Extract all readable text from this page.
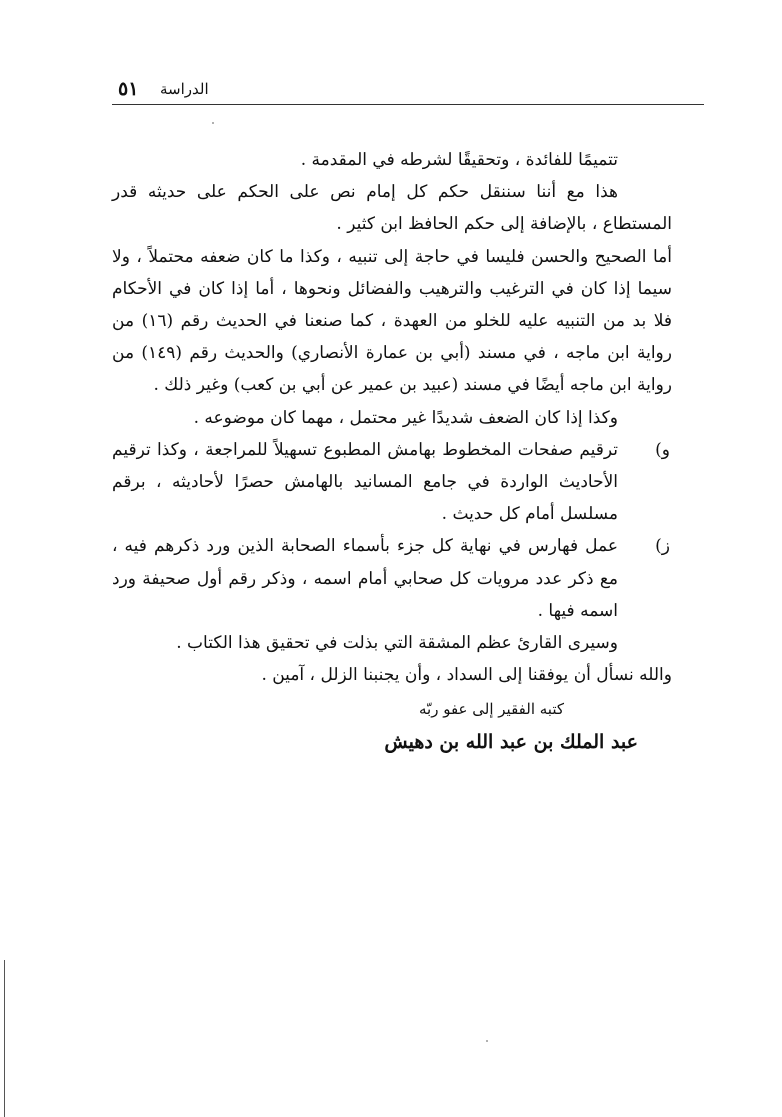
٥١ الدراسة

تتميمًا للفائدة ، وتحقيقًا لشرطه في المقدمة .

هذا مع أننا سننقل حكم كل إمام نص على الحكم على حديثه قدر المستطاع ، بالإضافة إلى حكم الحافظ ابن كثير .

أما الصحيح والحسن فليسا في حاجة إلى تنبيه ، وكذا ما كان ضعفه محتملاً ، ولا سيما إذا كان في الترغيب والترهيب والفضائل ونحوها ، أما إذا كان في الأحكام فلا بد من التنبيه عليه للخلو من العهدة ، كما صنعنا في الحديث رقم (١٦) من رواية ابن ماجه ، في مسند (أبي بن عمارة الأنصاري) والحديث رقم (١٤٩) من رواية ابن ماجه أيضًا في مسند (عبيد بن عمير عن أبي بن كعب) وغير ذلك .

وكذا إذا كان الضعف شديدًا غير محتمل ، مهما كان موضوعه .

و)

ترقيم صفحات المخطوط بهامش المطبوع تسهيلاً للمراجعة ، وكذا ترقيم الأحاديث الواردة في جامع المسانيد بالهامش حصرًا لأحاديثه ، برقم مسلسل أمام كل حديث .

ز)

عمل فهارس في نهاية كل جزء بأسماء الصحابة الذين ورد ذكرهم فيه ، مع ذكر عدد مرويات كل صحابي أمام اسمه ، وذكر رقم أول صحيفة ورد اسمه فيها .

وسيرى القارئ عظم المشقة التي بذلت في تحقيق هذا الكتاب .

والله نسأل أن يوفقنا إلى السداد ، وأن يجنبنا الزلل ، آمين .

كتبه الفقير إلى عفو ربّه
عبد الملك بن عبد الله بن دهيش
